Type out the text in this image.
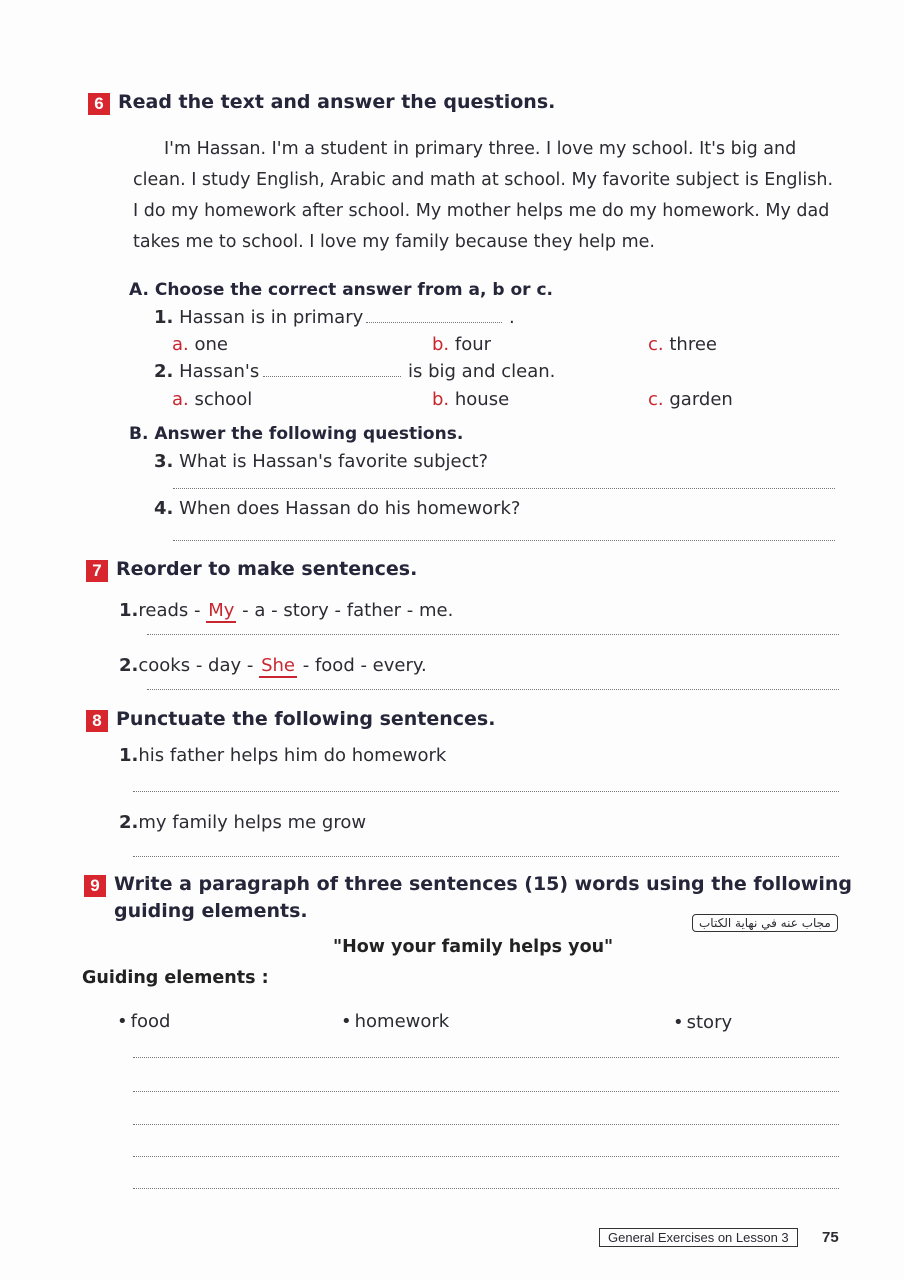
6 Read the text and answer the questions.
I'm Hassan. I'm a student in primary three. I love my school. It's big and
clean. I study English, Arabic and math at school. My favorite subject is English.
I do my homework after school. My mother helps me do my homework. My dad
takes me to school. I love my family because they help me.
A. Choose the correct answer from a, b or c.
1. Hassan is in primary	.
a. one	b. four	c. three
2. Hassan's	is big and clean.
a. school	b. house	c. garden
B. Answer the following questions.
3. What is Hassan's favorite subject?
4. When does Hassan do his homework?
7 Reorder to make sentences.
1.reads - My - a - story - father - me.
2.cooks - day - She - food - every.
8 Punctuate the following sentences.
1.his father helps him do homework
2.my family helps me grow
9 Write a paragraph of three sentences (15) words using the following
guiding elements.
مجاب عنه في نهاية الكتاب
"How your family helps you"
Guiding elements :
• food	• homework	• story
General Exercises on Lesson 3	75
